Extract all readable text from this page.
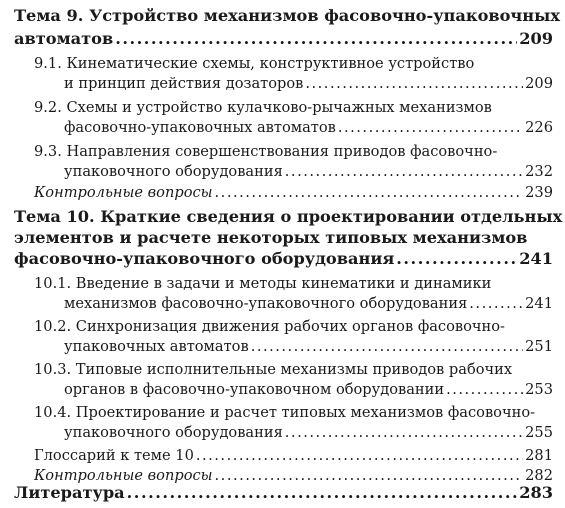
Тема 9. Устройство механизмов фасовочно-упаковочных
автоматов .....	209
9.1. Кинематические схемы, конструктивное устройство
и принцип действия дозаторов .....	209
9.2. Схемы и устройство кулачково-рычажных механизмов
фасовочно-упаковочных автоматов .....	226
9.3. Направления совершенствования приводов фасовочно-
упаковочного оборудования .....	232
Контрольные вопросы .....	239
Тема 10. Краткие сведения о проектировании отдельных
элементов и расчете некоторых типовых механизмов
фасовочно-упаковочного оборудования .....	241
10.1. Введение в задачи и методы кинематики и динамики
механизмов фасовочно-упаковочного оборудования .....	241
10.2. Синхронизация движения рабочих органов фасовочно-
упаковочных автоматов .....	251
10.3. Типовые исполнительные механизмы приводов рабочих
органов в фасовочно-упаковочном оборудовании .....	253
10.4. Проектирование и расчет типовых механизмов фасовочно-
упаковочного оборудования .....	255
Глоссарий к теме 10 .....	281
Контрольные вопросы .....	282
Литература .....	283
